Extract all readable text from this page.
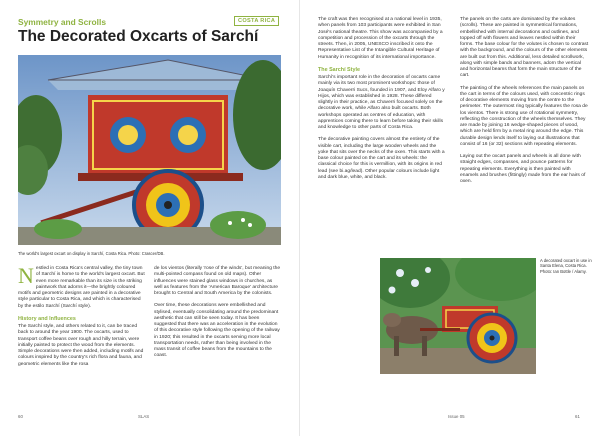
Symmetry and Scrolls	COSTA RICA
The Decorated Oxcarts of Sarchí
The world's largest oxcart on display in Sarchí, Costa Rica. Photo: Crascer/DB.

Nestled in Costa Rica's central valley, the tiny town of Sarchí is home to the world's largest oxcart. But even more remarkable than its size is the striking paintwork that adorns it—the brightly coloured motifs and geometric designs are painted in a decorative style particular to Costa Rica, and which is characterised by the estilo Sarchí (Sarchí style).

History and Influences

The Sarchí style, and others related to it, can be traced back to around the year 1900. The oxcarts, used to transport coffee beans over rough and hilly terrain, were initially painted to protect the wood from the elements. Simple decorations were then added, including motifs and colours inspired by the country's rich flora and fauna, and geometric elements like the rosa

de los vientos (literally 'rose of the winds', but meaning the multi-pointed compass found on old maps). Other influences were stained glass windows in churches, as well as features from the 'American Baroque' architecture brought to Central and South America by the colonists.

Over time, these decorations were embellished and stylised, eventually consolidating around the predominant aesthetic that can still be seen today. It has been suggested that there was an acceleration in the evolution of this decorative style following the opening of the railway in 1920; this resulted in the oxcarts serving more local transportation needs, rather than being involved in the mass transit of coffee beans from the mountains to the coast.

60	SLAS

The craft was then recognised at a national level in 1935, when panels from 103 participants were exhibited in San José's national theatre. This show was accompanied by a competition and procession of the oxcarts through the streets. Then, in 2005, UNESCO inscribed it onto the Representative List of the Intangible Cultural Heritage of Humanity in recognition of its international importance.

The Sarchí Style

Sarchí's important role in the decoration of oxcarts came mainly via its two most prominent workshops: those of Joaquín Chaverri Sucs, founded in 1907, and Eloy Alfaro y Hijos, which was established in 1928. These differed slightly in their practice, as Chaverri focused solely on the decorative work, while Alfaro also built oxcarts. Both workshops operated as centres of education, with apprentices coming there to learn before taking their skills and knowledge to other parts of Costa Rica.

The decorative painting covers almost the entirety of the visible cart, including the large wooden wheels and the yoke that sits over the necks of the oxen. This starts with a base colour painted on the cart and its wheels: the classical choice for this is vermillion, with its origins in red lead (see bi.ag/lead). Other popular colours include light and dark blue, white, and black.

The panels on the carts are dominated by the volutes (scrolls). These are painted in symmetrical formations, embellished with internal decorations and outlines, and topped off with flowers and leaves nestled within their forms. The base colour for the volutes is chosen to contrast with the background, and the colours of the other elements are built out from this. Additional, less detailed scrollwork, along with simple bands and banners, adorn the vertical and horizontal beams that form the main structure of the cart.

The painting of the wheels references the main panels on the cart in terms of the colours used, with concentric rings of decorative elements moving from the centre to the perimeter. The outermost ring typically features the rosa de los vientos. There is strong use of rotational symmetry, reflecting the construction of the wheels themselves. They are made by joining 16 wedge-shaped pieces of wood, which are held firm by a metal ring around the edge. This durable design lends itself to laying out illustrations that consist of 16 (or 32) sections with repeating elements.

Laying out the oxcart panels and wheels is all done with straight edges, compasses, and pounce patterns for repeating elements. Everything is then painted with enamels and brushes (fittingly) made from the ear hairs of oxen.

A decorated oxcart in use in Santa Elena, Costa Rica. Photo: Ian Bottle / Alamy.
Issue 05	61
